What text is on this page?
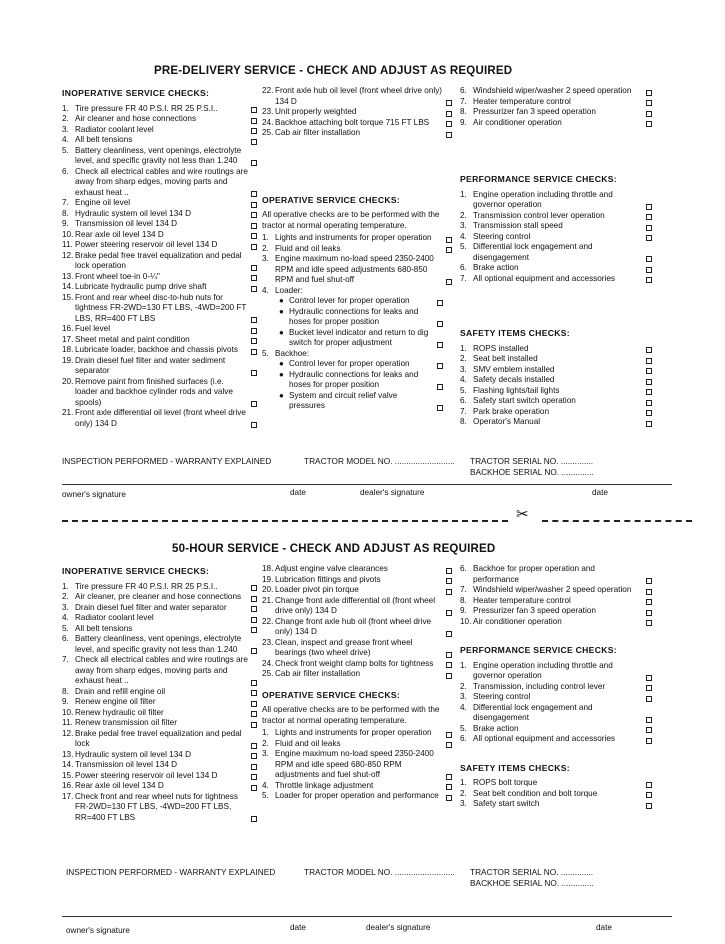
PRE-DELIVERY SERVICE - CHECK AND ADJUST AS REQUIRED
INOPERATIVE SERVICE CHECKS:
1. Tire pressure FR 40 P.S.I. RR 25 P.S.I..
2. Air cleaner and hose connections
3. Radiator coolant level
4. All belt tensions
5. Battery cleanliness, vent openings, electrolyte level, and specific gravity not less than 1.240
6. Check all electrical cables and wire routings are away from sharp edges, moving parts and exhaust heat ..
7. Engine oil level
8. Hydraulic system oil level 134 D
9. Transmission oil level 134 D
10. Rear axle oil level 134 D
11. Power steering reservoir oil level 134 D
12. Brake pedal free travel equalization and pedal lock operation
13. Front wheel toe-in 0-¼"
14. Lubricate hydraulic pump drive shaft
15. Front and rear wheel disc-to-hub nuts for tightness FR-2WD=130 FT LBS, -4WD=200 FT LBS, RR=400 FT LBS
16. Fuel level
17. Sheet metal and paint condition
18. Lubricate loader, backhoe and chassis pivots
19. Drain diesel fuel filter and water sediment separator
20. Remove paint from finished surfaces (i.e. loader and backhoe cylinder rods and valve spools)
21. Front axle differential oil level (front wheel drive only) 134 D
22. Front axle hub oil level (front wheel drive only) 134 D
23. Unit properly weighted
24. Backhoe attaching bolt torque 715 FT LBS
25. Cab air filter installation
OPERATIVE SERVICE CHECKS:
All operative checks are to be performed with the tractor at normal operating temperature.
1. Lights and instruments for proper operation
2. Fluid and oil leaks
3. Engine maximum no-load speed 2350-2400 RPM and idle speed adjustments 680-850 RPM and fuel shut-off
4. Loader:
● Control lever for proper operation
● Hydraulic connections for leaks and hoses for proper position
● Bucket level indicator and return to dig switch for proper adjustment
5. Backhoe:
● Control lever for proper operation
● Hydraulic connections for leaks and hoses for proper position
● System and circuit relief valve pressures
6. Windshield wiper/washer 2 speed operation
7. Heater temperature control
8. Pressurizer fan 3 speed operation
9. Air conditioner operation
PERFORMANCE SERVICE CHECKS:
1. Engine operation including throttle and governor operation
2. Transmission control lever operation
3. Transmission stall speed
4. Steering control
5. Differential lock engagement and disengagement
6. Brake action
7. All optional equipment and accessories
SAFETY ITEMS CHECKS:
1. ROPS installed
2. Seat belt installed
3. SMV emblem installed
4. Safety decals installed
5. Flashing lights/tail lights
6. Safety start switch operation
7. Park brake operation
8. Operator's Manual
INSPECTION PERFORMED - WARRANTY EXPLAINED	TRACTOR MODEL NO. .......................... TRACTOR SERIAL NO. ..............
BACKHOE SERIAL NO. ..............
owner's signature	date	dealer's signature	date
✂
50-HOUR SERVICE - CHECK AND ADJUST AS REQUIRED
INOPERATIVE SERVICE CHECKS:
1. Tire pressure FR 40 P.S.I. RR 25 P.S.I..
2. Air cleaner, pre cleaner and hose connections
3. Drain diesel fuel filter and water separator
4. Radiator coolant level
5. All belt tensions
6. Battery cleanliness, vent openings, electrolyte level, and specific gravity not less than 1.240
7. Check all electrical cables and wire routings are away from sharp edges, moving parts and exhaust heat ..
8. Drain and refill engine oil
9. Renew engine oil filter
10. Renew hydraulic oil filter
11. Renew transmission oil filter
12. Brake pedal free travel equalization and pedal lock
13. Hydraulic system oil level 134 D
14. Transmission oil level 134 D
15. Power steering reservoir oil level 134 D
16. Rear axle oil level 134 D
17. Check front and rear wheel nuts for tightness FR-2WD=130 FT LBS, -4WD=200 FT LBS, RR=400 FT LBS
18. Adjust engine valve clearances
19. Lubrication fittings and pivots
20. Loader pivot pin torque
21. Change front axle differential oil (front wheel drive only) 134 D
22. Change front axle hub oil (front wheel drive only) 134 D
23. Clean, inspect and grease front wheel bearings (two wheel drive)
24. Check front weight clamp bolts for tightness
25. Cab air filter installation
OPERATIVE SERVICE CHECKS:
All operative checks are to be performed with the tractor at normal operating temperature.
1. Lights and instruments for proper operation
2. Fluid and oil leaks
3. Engine maximum no-load speed 2350-2400 RPM and idle speed 680-850 RPM adjustments and fuel shut-off
4. Throttle linkage adjustment
5. Loader for proper operation and performance
6. Backhoe for proper operation and performance
7. Windshield wiper/washer 2 speed operation
8. Heater temperature control
9. Pressurizer fan 3 speed operation
10. Air conditioner operation
PERFORMANCE SERVICE CHECKS:
1. Engine operation including throttle and governor operation
2. Transmission, including control lever
3. Steering control
4. Differential lock engagement and disengagement
5. Brake action
6. All optional equipment and accessories
SAFETY ITEMS CHECKS:
1. ROPS bolt torque
2. Seat belt condition and bolt torque
3. Safety start switch
INSPECTION PERFORMED - WARRANTY EXPLAINED	TRACTOR MODEL NO. .......................... TRACTOR SERIAL NO. ..............
BACKHOE SERIAL NO. ..............
owner's signature	date	dealer's signature	date
